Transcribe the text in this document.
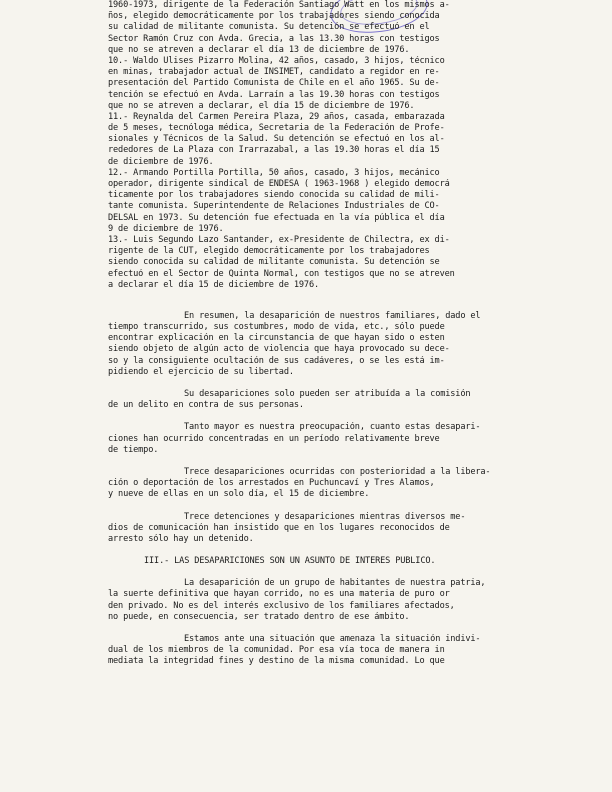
1960-1973, dirigente de la Federación Santiago Watt en los mismos a-
ños, elegido democráticamente por los trabajadores siendo conocida
su calidad de militante comunista. Su detención se efectuó en el
Sector Ramón Cruz con Avda. Grecia, a las 13.30 horas con testigos
que no se atreven a declarar el día 13 de diciembre de 1976.
10.- Waldo Ulises Pizarro Molina, 42 años, casado, 3 hijos, técnico
en minas, trabajador actual de INSIMET, candidato a regidor en re-
presentación del Partido Comunista de Chile en el año 1965. Su de-
tención se efectuó en Avda. Larraín a las 19.30 horas con testigos
que no se atreven a declarar, el día 15 de diciembre de 1976.
11.- Reynalda del Carmen Pereira Plaza, 29 años, casada, embarazada
de 5 meses, tecnóloga médica, Secretaria de la Federación de Profe-
sionales y Técnicos de la Salud. Su detención se efectuó en los al-
rededores de La Plaza con Irarrazabal, a las 19.30 horas el día 15
de diciembre de 1976.
12.- Armando Portilla Portilla, 50 años, casado, 3 hijos, mecánico
operador, dirigente sindical de ENDESA ( 1963-1968 ) elegido democrá
ticamente por los trabajadores siendo conocida su calidad de mili-
tante comunista. Superintendente de Relaciones Industriales de CO-
DELSAL en 1973. Su detención fue efectuada en la vía pública el día
9 de diciembre de 1976.
13.- Luis Segundo Lazo Santander, ex-Presidente de Chilectra, ex di-
rigente de la CUT, elegido democráticamente por los trabajadores
siendo conocida su calidad de militante comunista. Su detención se
efectuó en el Sector de Quinta Normal, con testigos que no se atreven
a declarar el día 15 de diciembre de 1976.
En resumen, la desaparición de nuestros familiares, dado el
tiempo transcurrido, sus costumbres, modo de vida, etc., sólo puede
encontrar explicación en la circunstancia de que hayan sido o esten
siendo objeto de algún acto de violencia que haya provocado su dece-
so y la consiguiente ocultación de sus cadáveres, o se les está im-
pidiendo el ejercicio de su libertad.
Su desapariciones solo pueden ser atribuída a la comisión
de un delito en contra de sus personas.
Tanto mayor es nuestra preocupación, cuanto estas desapari-
ciones han ocurrido concentradas en un período relativamente breve
de tiempo.
Trece desapariciones ocurridas con posterioridad a la libera-
ción o deportación de los arrestados en Puchuncaví y Tres Alamos,
y nueve de ellas en un solo día, el 15 de diciembre.
Trece detenciones y desapariciones mientras diversos me-
dios de comunicación han insistido que en los lugares reconocidos de
arresto sólo hay un detenido.
III.- LAS DESAPARICIONES SON UN ASUNTO DE INTERES PUBLICO.
La desaparición de un grupo de habitantes de nuestra patria,
la suerte definitiva que hayan corrido, no es una materia de puro or
den privado. No es del interés exclusivo de los familiares afectados,
no puede, en consecuencia, ser tratado dentro de ese ámbito.
Estamos ante una situación que amenaza la situación indivi-
dual de los miembros de la comunidad. Por esa vía toca de manera in
mediata la integridad fines y destino de la misma comunidad. Lo que
